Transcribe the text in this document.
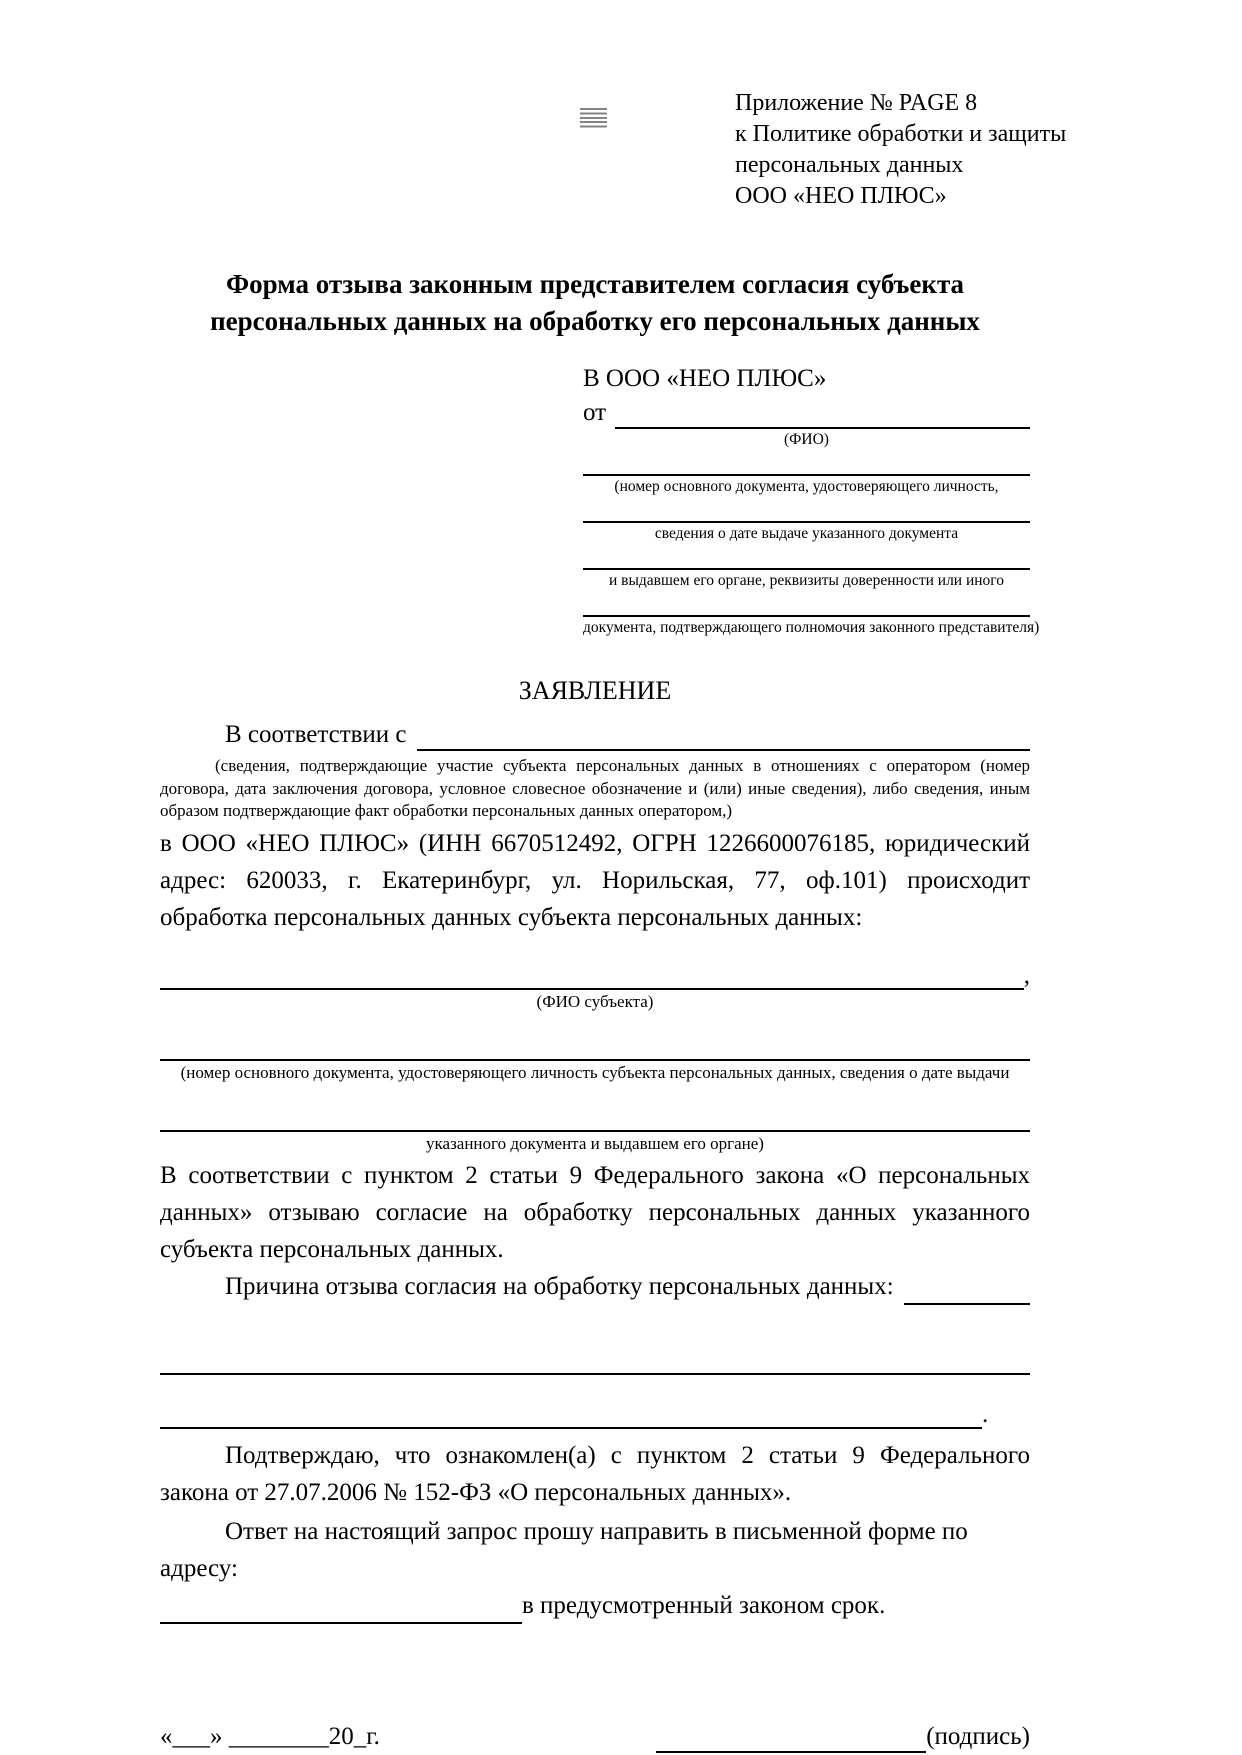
Приложение № PAGE 8
к Политике обработки и защиты
персональных данных
ООО «НЕО ПЛЮС»
Форма отзыва законным представителем согласия субъекта
персональных данных на обработку его персональных данных
В ООО «НЕО ПЛЮС»
от
(ФИО)
(номер основного документа, удостоверяющего личность,
сведения о дате выдаче указанного документа
и выдавшем его органе, реквизиты доверенности или иного
документа, подтверждающего полномочия законного представителя)
ЗАЯВЛЕНИЕ
В соответствии с
(сведения, подтверждающие участие субъекта персональных данных в отношениях с оператором (номер договора, дата заключения договора, условное словесное обозначение и (или) иные сведения), либо сведения, иным образом подтверждающие факт обработки персональных данных оператором,)
в ООО «НЕО ПЛЮС» (ИНН 6670512492, ОГРН 1226600076185, юридический адрес: 620033, г. Екатеринбург, ул. Норильская, 77, оф.101) происходит обработка персональных данных субъекта персональных данных:
,
(ФИО субъекта)
(номер основного документа, удостоверяющего личность субъекта персональных данных, сведения о дате выдачи
указанного документа и выдавшем его органе)
В соответствии с пунктом 2 статьи 9 Федерального закона «О персональных данных» отзываю согласие на обработку персональных данных указанного субъекта персональных данных.
Причина отзыва согласия на обработку персональных данных:
.
Подтверждаю, что ознакомлен(а) с пунктом 2 статьи 9 Федерального закона от 27.07.2006 № 152-ФЗ «О персональных данных».
Ответ на настоящий запрос прошу направить в письменной форме по адресу:
в предусмотренный законом срок.
«___» ________20_г.	(подпись)
